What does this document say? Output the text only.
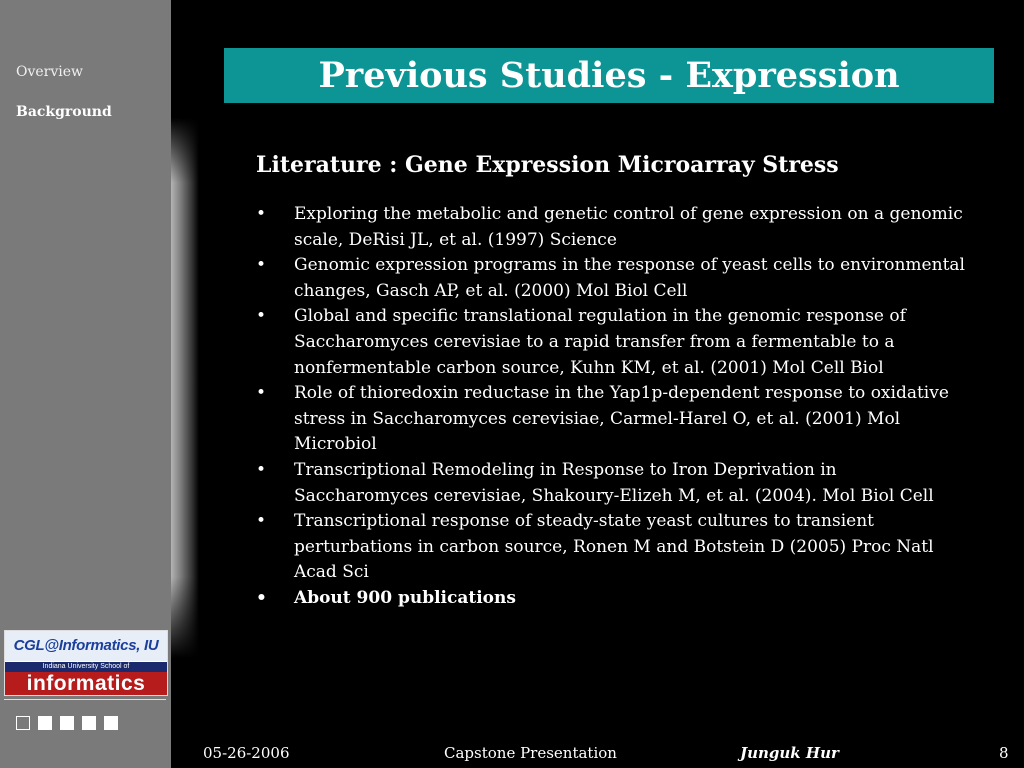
Overview
Background
CGL@Informatics, IU
Indiana University School of
informatics
Previous Studies - Expression
Literature : Gene Expression Microarray Stress
• Exploring the metabolic and genetic control of gene expression on a genomic scale, DeRisi JL, et al. (1997) Science
• Genomic expression programs in the response of yeast cells to environmental changes, Gasch AP, et al. (2000) Mol Biol Cell
• Global and specific translational regulation in the genomic response of Saccharomyces cerevisiae to a rapid transfer from a fermentable to a nonfermentable carbon source, Kuhn KM, et al. (2001) Mol Cell Biol
• Role of thioredoxin reductase in the Yap1p-dependent response to oxidative stress in Saccharomyces cerevisiae, Carmel-Harel O, et al. (2001) Mol Microbiol
• Transcriptional Remodeling in Response to Iron Deprivation in Saccharomyces cerevisiae, Shakoury-Elizeh M, et al. (2004). Mol Biol Cell
• Transcriptional response of steady-state yeast cultures to transient perturbations in carbon source, Ronen M and Botstein D (2005) Proc Natl Acad Sci
• About 900 publications
05-26-2006	Capstone Presentation	Junguk Hur	8
